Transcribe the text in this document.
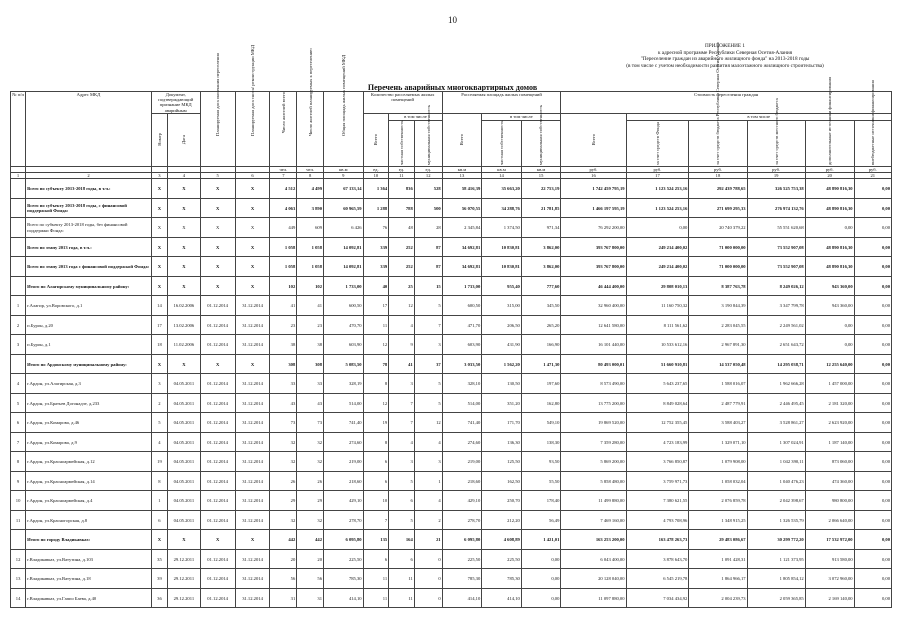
10
ПРИЛОЖЕНИЕ 1
к адресной программе Республики Северная Осетия-Алания
"Переселение граждан из аварийного жилищного фонда" на 2013-2018 годы
(в том числе с учетом необходимости развития малоэтажного жилищного строительства)
Перечень аварийных многоквартирных домов
№ п/п	Адрес МКД	Документ, подтверждающий признание МКД аварийным		Планируемая дата окончания переселения	Планируемая дата сноса/ реконструкции МКД	Число жителей всего	Число жителей планируемых к переселению	Общая площадь жилых помещений МКД	Количество расселяемых жилых помещений			Расселяемая площадь жилых помещений			Стоимость переселения граждан					
		Номер	Дата						Всего	в том числе		Всего	в том числе		Всего	в том числе				
										частная собственность	муниципальная собственность		частная собственность	муниципальная собственность		за счет средств Фонда	за счет средств бюджета Республики Северная Осетия-Алания	за счет средств местного бюджета	дополнительные источники финансирования	внебюджетные источники финансирования
						чел.	чел.	кв.м	ед.	ед.	ед.	кв.м	кв.м	кв.м	руб.	руб.	руб.	руб.	руб.	руб.
1	2	3	4	5	6	7	8	9	10	11	12	13	14	15	16	17	18	19	20	21
	Всего по субъекту 2013-2018 годы, в т.ч.:	X	X	X	X	4 512	4 499	67 133,14	1 364	836	528	58 416,39	35 663,20	22 753,19	1 742 459 795,19	1 123 524 253,16	292 439 788,65	326 525 753,38	48 890 816,30	0,00
	Всего по субъекту 2013-2018 годы, с финансовой поддержкой Фонда:	X	X	X	X	4 063	3 890	60 965,59	1 288	788	500	56 070,55	34 288,76	21 781,85	1 466 197 595,19	1 123 524 253,16	271 699 295,33	276 974 132,76	48 890 816,30	0,00
	Всего по субъекту 2013-2018 годы, без финансовой поддержки Фонда:	X	X	X	X	449	609	6 426	76	48	28	2 345,84	1 374,50	971,34	76 292 200,00	0,00	20 740 379,22	55 551 620,68	0,00	0,00
	Всего по этапу 2013 года, в т.ч.:	X	X	X	X	1 058	1 058	14 092,81	339	252	87	34 692,81	10 830,81	3 862,00	393 767 800,00	249 214 400,02	71 000 000,00	73 552 907,08	48 890 816,30	0,00
	Всего по этапу 2013 года с финансовой поддержкой Фонда:	X	X	X	X	1 058	1 058	14 092,81	339	252	87	34 692,81	10 830,81	3 862,00	393 767 800,00	249 214 400,02	71 000 000,00	73 552 907,08	48 890 816,30	0,00
	Итого по Алагирскому муниципальному району:	X	X	X	X	102	102	1 733,00	40	25	15	1 733,00	955,40	777,60	46 444 400,00	29 808 010,13	8 387 763,78	8 249 026,12	943 360,00	0,00
1	г.Алагир, ул.Воровского, д.1	14	16.02.2006	01.12.2014	31.12.2014	41	41	600,50	17	12	5	600,50	315,00	345,50	32 960 400,00	11 160 750,32	3 190 844,39	3 347 799,78	943 360,00	0,00
2	п.Бурон, д.20	17	13.02.2006	01.12.2014	31.12.2014	23	23	470,70	11	4	7	471,70	206,50	265,20	12 641 580,00	8 111 561,62	2 283 045,55	2 249 561,02	0,00	0,00
3	п.Бурон, д.1	18	11.02.2006	01.12.2014	31.12.2014	38	38	603,90	12	9	3	603,90	431,90	166,90	16 101 440,00	10 533 612,16	2 967 891,30	2 651 643,72	0,00	0,00
	Итого по Ардонскому муниципальному району:	X	X	X	X	308	308	5 083,50	78	41	37	3 033,50	1 562,20	1 471,30	80 493 000,01	51 660 910,81	14 537 050,48	14 295 038,71	12 255 640,00	0,00
4	г.Ардон, ул.Алагирская, д.3	3	04.05.2011	01.12.2014	31.12.2014	33	33	328,19	8	3	5	328,10	130,50	197,60	8 573 490,00	5 643 237,65	1 588 016,07	1 962 666,28	1 457 000,00	0,00
5	г.Ардон, ул.Братьев Догонадзе, д.233	2	04.05.2011	01.12.2014	31.12.2014	43	43	514,00	12	7	5	514,00	351,20	162,80	13 775 200,00	8 849 028,64	2 487 779,91	2 446 495,45	2 181 320,00	0,00
6	г.Ардон, ул.Комарова, д.46	5	04.05.2011	01.12.2014	31.12.2014	73	73	741,40	19	7	12	741,40	171,70	549,10	19 869 520,00	12 752 355,45	3 588 403,27	3 528 861,27	2 623 920,00	0,00
7	г.Ардон, ул.Комарова, д.9	4	04.05.2011	01.12.2014	31.12.2014	32	32	274,60	8	4	4	274,60	136,30	138,30	7 359 280,00	4 723 183,99	1 329 071,10	1 307 024,91	1 187 140,00	0,00
8	г.Ардон, ул.Красноармейская, д.12	19	04.05.2011	01.12.2014	31.12.2014	32	32	219,00	6	3	3	219,00	125,50	93,50	5 869 200,00	3 766 850,87	1 079 908,00	1 042 390,11	873 060,00	0,00
9	г.Ардон, ул.Красноармейская, д.14	8	04.05.2011	01.12.2014	31.12.2014	26	26	218,60	6	5	1	218,60	162,50	55,50	5 858 480,00	3 759 971,73	1 058 032,04	1 040 476,23	474 360,00	0,00
10	г.Ардон, ул.Красноармейская, д.4	1	04.05.2011	01.12.2014	31.12.2014	29	29	429,10	10	6	4	429,10	250,70	178,40	11 499 880,00	7 380 621,55	2 076 859,78	2 042 398,67	980 800,00	0,00
11	г.Ардон, ул.Красногорская, д.8	6	04.05.2011	01.12.2014	31.12.2014	32	32	278,70	7	5	2	278,70	212,20	56,49	7 469 160,00	4 793 708,96	1 348 915,25	1 326 535,79	2 066 640,00	0,00
	Итого по городу Владикавказ:	X	X	X	X	442	442	6 095,80	135	164	21	6 095,80	4 608,89	1 421,01	163 253 200,00	163 478 263,73	29 483 086,67	30 299 772,20	17 532 972,00	0,00
12	г.Владикавказ, ул.Ватутина, д.103	35	29.12.2011	01.12.2014	31.12.2014	20	20	225,50	6	6	0	225,50	225,50	0,00	6 043 400,00	3 878 643,70	1 091 428,31	1 121 373,95	913 580,00	0,00
13	г.Владикавказ, ул.Ватутина, д.18	39	29.12.2011	01.12.2014	31.12.2014	56	56	785,30	11	11	0	785,30	785,30	0,00	20 128 040,00	6 545 219,78	1 864 966,17	1 805 854,12	3 072 960,00	0,00
14	г.Владикавказ, ул.Гаппо Баева, д.40	36	29.12.2011	01.12.2014	31.12.2014	31	31	414,10	11	11	0	414,10	414,10	0,00	11 097 880,00	7 034 434,92	2 004 239,73	2 059 365,85	2 169 140,00	0,00
